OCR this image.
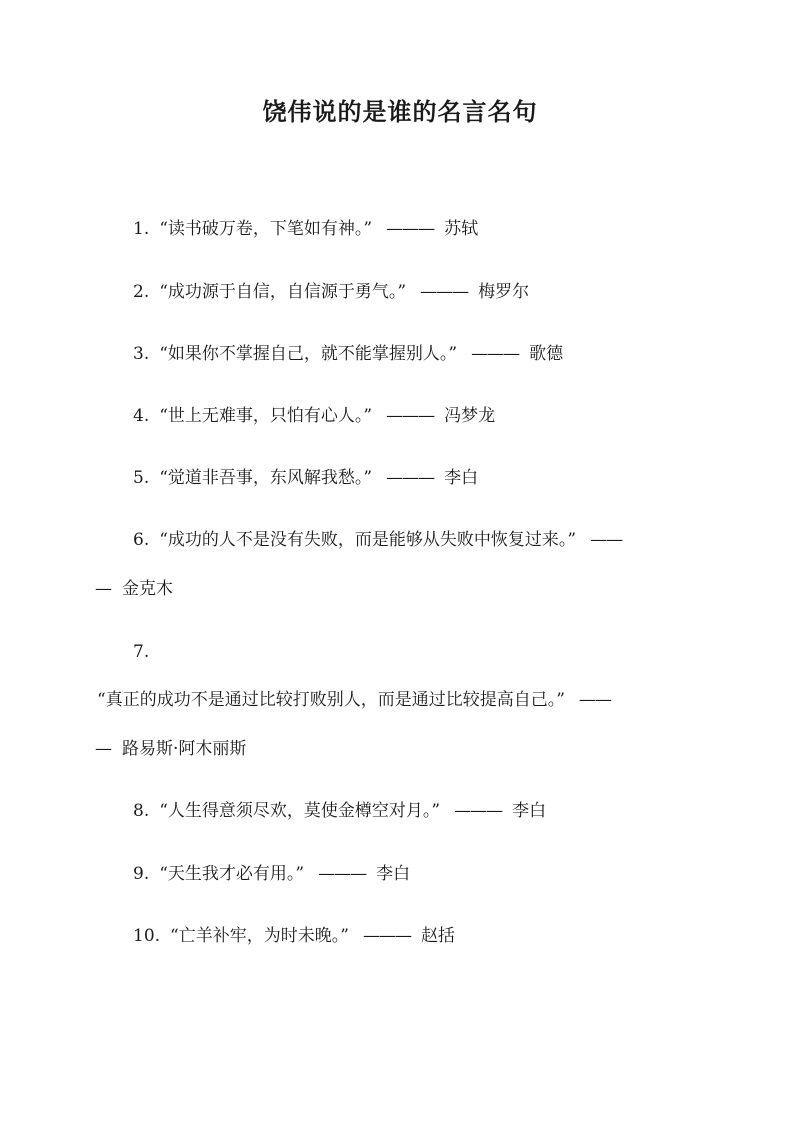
饶伟说的是谁的名言名句
1. “读书破万卷，下笔如有神。” ——— 苏轼
2. “成功源于自信，自信源于勇气。” ——— 梅罗尔
3. “如果你不掌握自己，就不能掌握别人。” ——— 歌德
4. “世上无难事，只怕有心人。” ——— 冯梦龙
5. “觉道非吾事，东风解我愁。” ——— 李白
6. “成功的人不是没有失败，而是能够从失败中恢复过来。” ——
— 金克木
7.
“真正的成功不是通过比较打败别人，而是通过比较提高自己。” ——
— 路易斯·阿木丽斯
8. “人生得意须尽欢，莫使金樽空对月。” ——— 李白
9. “天生我才必有用。” ——— 李白
10. “亡羊补牢，为时未晚。” ——— 赵括
